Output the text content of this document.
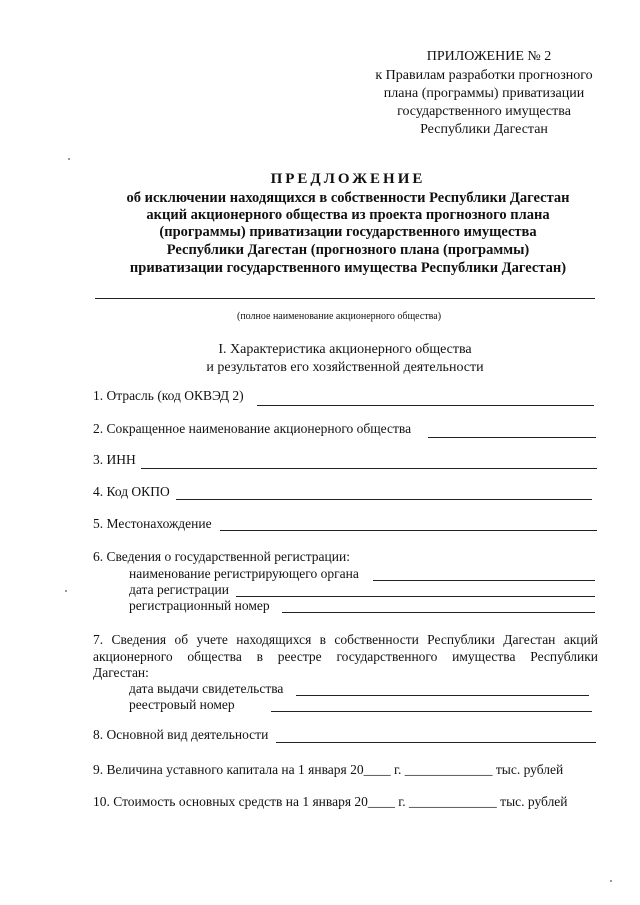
ПРИЛОЖЕНИЕ № 2
к Правилам разработки прогнозного
плана (программы) приватизации
государственного имущества
Республики Дагестан
ПРЕДЛОЖЕНИЕ
об исключении находящихся в собственности Республики Дагестан
акций акционерного общества из проекта прогнозного плана
(программы) приватизации государственного имущества
Республики Дагестан (прогнозного плана (программы)
приватизации государственного имущества Республики Дагестан)
(полное наименование акционерного общества)
I. Характеристика акционерного общества
и результатов его хозяйственной деятельности
1. Отрасль (код ОКВЭД 2)
2. Сокращенное наименование акционерного общества
3. ИНН
4. Код ОКПО
5. Местонахождение
6. Сведения о государственной регистрации:
наименование регистрирующего органа
дата регистрации
регистрационный номер
7. Сведения об учете находящихся в собственности Республики Дагестан акций
акционерного общества в реестре государственного имущества Республики
Дагестан:
дата выдачи свидетельства
реестровый номер
8. Основной вид деятельности
9. Величина уставного капитала на 1 января 20____ г. _____________ тыс. рублей
10. Стоимость основных средств на 1 января 20____ г. _____________ тыс. рублей
